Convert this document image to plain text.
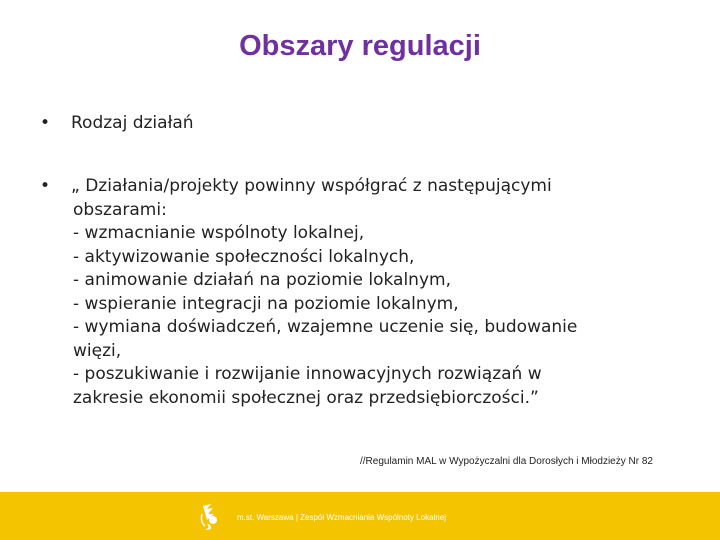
Obszary regulacji
• Rodzaj działań
• „ Działania/projekty powinny współgrać z następującymi
obszarami:
- wzmacnianie wspólnoty lokalnej,
- aktywizowanie społeczności lokalnych,
- animowanie działań na poziomie lokalnym,
- wspieranie integracji na poziomie lokalnym,
- wymiana doświadczeń, wzajemne uczenie się, budowanie
więzi,
- poszukiwanie i rozwijanie innowacyjnych rozwiązań w
zakresie ekonomii społecznej oraz przedsiębiorczości.”
//Regulamin MAL w Wypożyczalni dla Dorosłych i Młodzieży Nr 82
m.st. Warszawa | Zespół Wzmacniania Wspólnoty Lokalnej
